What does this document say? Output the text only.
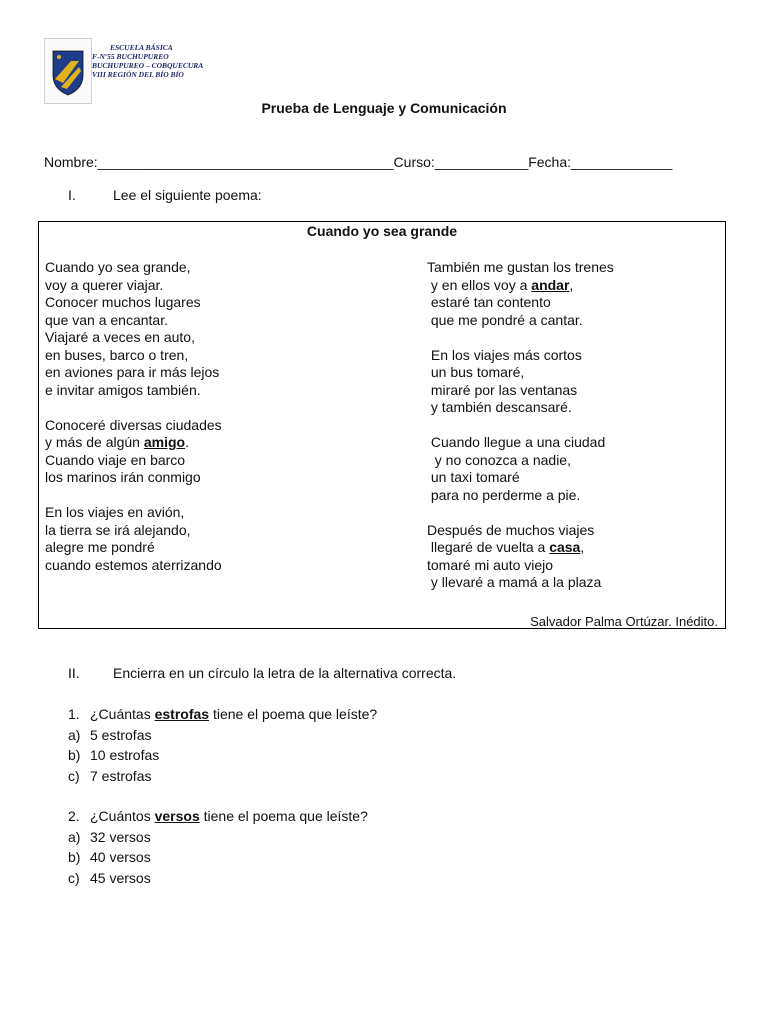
ESCUELA BÁSICA
F-Nº55 BUCHUPUREO
BUCHUPUREO – COBQUECURA
VIII REGIÓN DEL BÍO BÍO
Prueba de Lenguaje y Comunicación
Nombre:______________________________________Curso:____________Fecha:_____________
I.	Lee el siguiente poema:
Cuando yo sea grande
Cuando yo sea grande,
voy a querer viajar.
Conocer muchos lugares
que van a encantar.
Viajaré a veces en auto,
en buses, barco o tren,
en aviones para ir más lejos
e invitar amigos también.
Conoceré diversas ciudades
y más de algún amigo.
Cuando viaje en barco
los marinos irán conmigo
En los viajes en avión,
la tierra se irá alejando,
alegre me pondré
cuando estemos aterrizando
También me gustan los trenes
y en ellos voy a andar,
estaré tan contento
que me pondré a cantar.
En los viajes más cortos
un bus tomaré,
miraré por las ventanas
y también descansaré.
Cuando llegue a una ciudad
y no conozca a nadie,
un taxi tomaré
para no perderme a pie.
Después de muchos viajes
llegaré de vuelta a casa,
tomaré mi auto viejo
y llevaré a mamá a la plaza
Salvador Palma Ortúzar. Inédito.
II. Encierra en un círculo la letra de la alternativa correcta.
1. ¿Cuántas estrofas tiene el poema que leíste?
a) 5 estrofas
b) 10 estrofas
c) 7 estrofas
2. ¿Cuántos versos tiene el poema que leíste?
a) 32 versos
b) 40 versos
c) 45 versos
